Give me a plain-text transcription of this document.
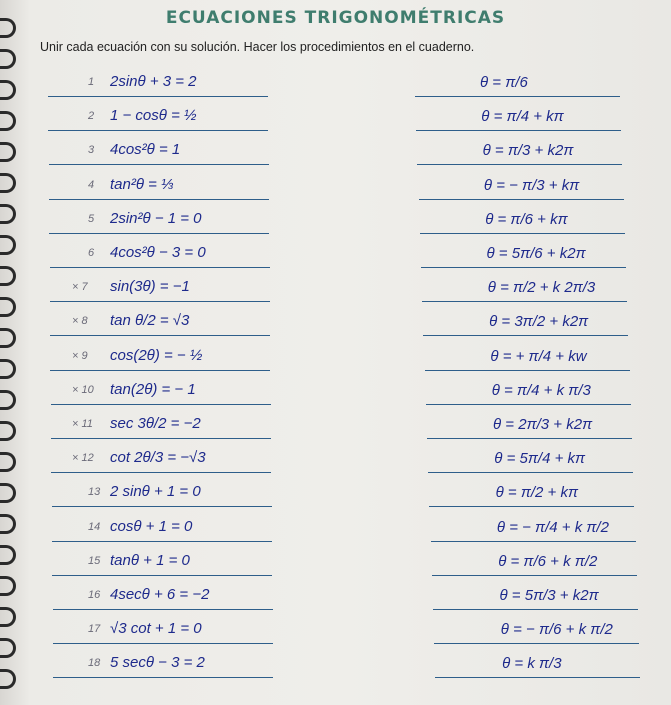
ECUACIONES TRIGONOMÉTRICAS
Unir cada ecuación con su solución. Hacer los procedimientos en el cuaderno.
1 2sinθ + 3 = 2
2 1 − cosθ = ½
3 4cos²θ = 1
4 tan²θ = ⅓
5 2sin²θ − 1 = 0
6 4cos²θ − 3 = 0
× 7 sin(3θ) = −1
× 8 tan θ/2 = √3
× 9 cos(2θ) = − ½
× 10 tan(2θ) = − 1
× 11 sec 3θ/2 = −2
× 12 cot 2θ/3 = −√3
13 2 sinθ + 1 = 0
14 cosθ + 1 = 0
15 tanθ + 1 = 0
16 4secθ + 6 = −2
17 √3 cot + 1 = 0
18 5 secθ − 3 = 2
θ = π/6
θ = π/4 + kπ
θ = π/3 + k2π
θ = − π/3 + kπ
θ = π/6 + kπ
θ = 5π/6 + k2π
θ = π/2 + k 2π/3
θ = 3π/2 + k2π
θ = + π/4 + kw
θ = π/4 + k π/3
θ = 2π/3 + k2π
θ = 5π/4 + kπ
θ = π/2 + kπ
θ = − π/4 + k π/2
θ = π/6 + k π/2
θ = 5π/3 + k2π
θ = − π/6 + k π/2
θ = k π/3
